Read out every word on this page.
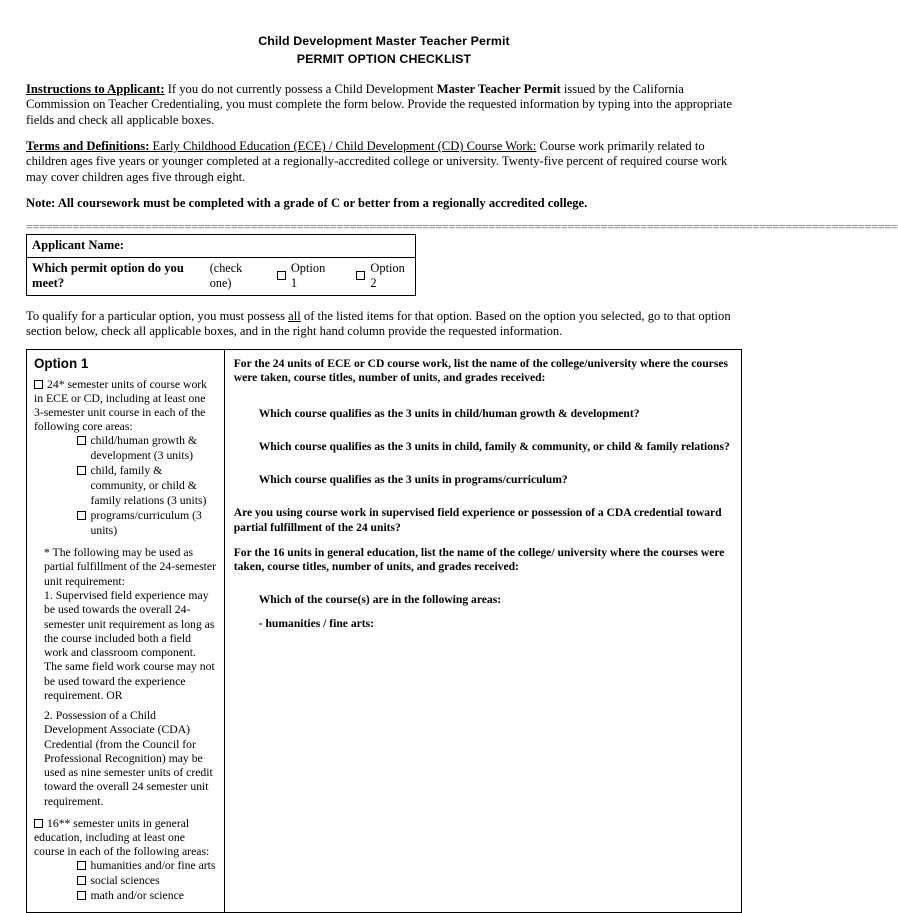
Child Development Master Teacher Permit
PERMIT OPTION CHECKLIST

Instructions to Applicant: If you do not currently possess a Child Development Master Teacher Permit issued by the California Commission on Teacher Credentialing, you must complete the form below. Provide the requested information by typing into the appropriate fields and check all applicable boxes.

Terms and Definitions: Early Childhood Education (ECE) / Child Development (CD) Course Work: Course work primarily related to children ages five years or younger completed at a regionally-accredited college or university. Twenty-five percent of required course work may cover children ages five through eight.

Note: All coursework must be completed with a grade of C or better from a regionally accredited college.

====================================================================================================================================
Applicant Name:
Which permit option do you meet?
(check one)
Option 1
Option 2

To qualify for a particular option, you must possess all of the listed items for that option. Based on the option you selected, go to that option section below, check all applicable boxes, and in the right hand column provide the requested information.

Option 1
24* semester units of course work in ECE or CD, including at least one 3-semester unit course in each of the following core areas:
child/human growth & development (3 units)
child, family & community, or child & family relations (3 units)
programs/curriculum (3 units)
* The following may be used as partial fulfillment of the 24-semester unit requirement:
1. Supervised field experience may be used towards the overall 24-semester unit requirement as long as the course included both a field work and classroom component. The same field work course may not be used toward the experience requirement. OR
2. Possession of a Child Development Associate (CDA) Credential (from the Council for Professional Recognition) may be used as nine semester units of credit toward the overall 24 semester unit requirement.
16** semester units in general education, including at least one course in each of the following areas:
humanities and/or fine arts
social sciences
math and/or science
For the 24 units of ECE or CD course work, list the name of the college/university where the courses were taken, course titles, number of units, and grades received:
Which course qualifies as the 3 units in child/human growth & development?
Which course qualifies as the 3 units in child, family & community, or child & family relations?
Which course qualifies as the 3 units in programs/curriculum?
Are you using course work in supervised field experience or possession of a CDA credential toward partial fulfillment of the 24 units?
For the 16 units in general education, list the name of the college/ university where the courses were taken, course titles, number of units, and grades received:
Which of the course(s) are in the following areas:
- humanities / fine arts:
